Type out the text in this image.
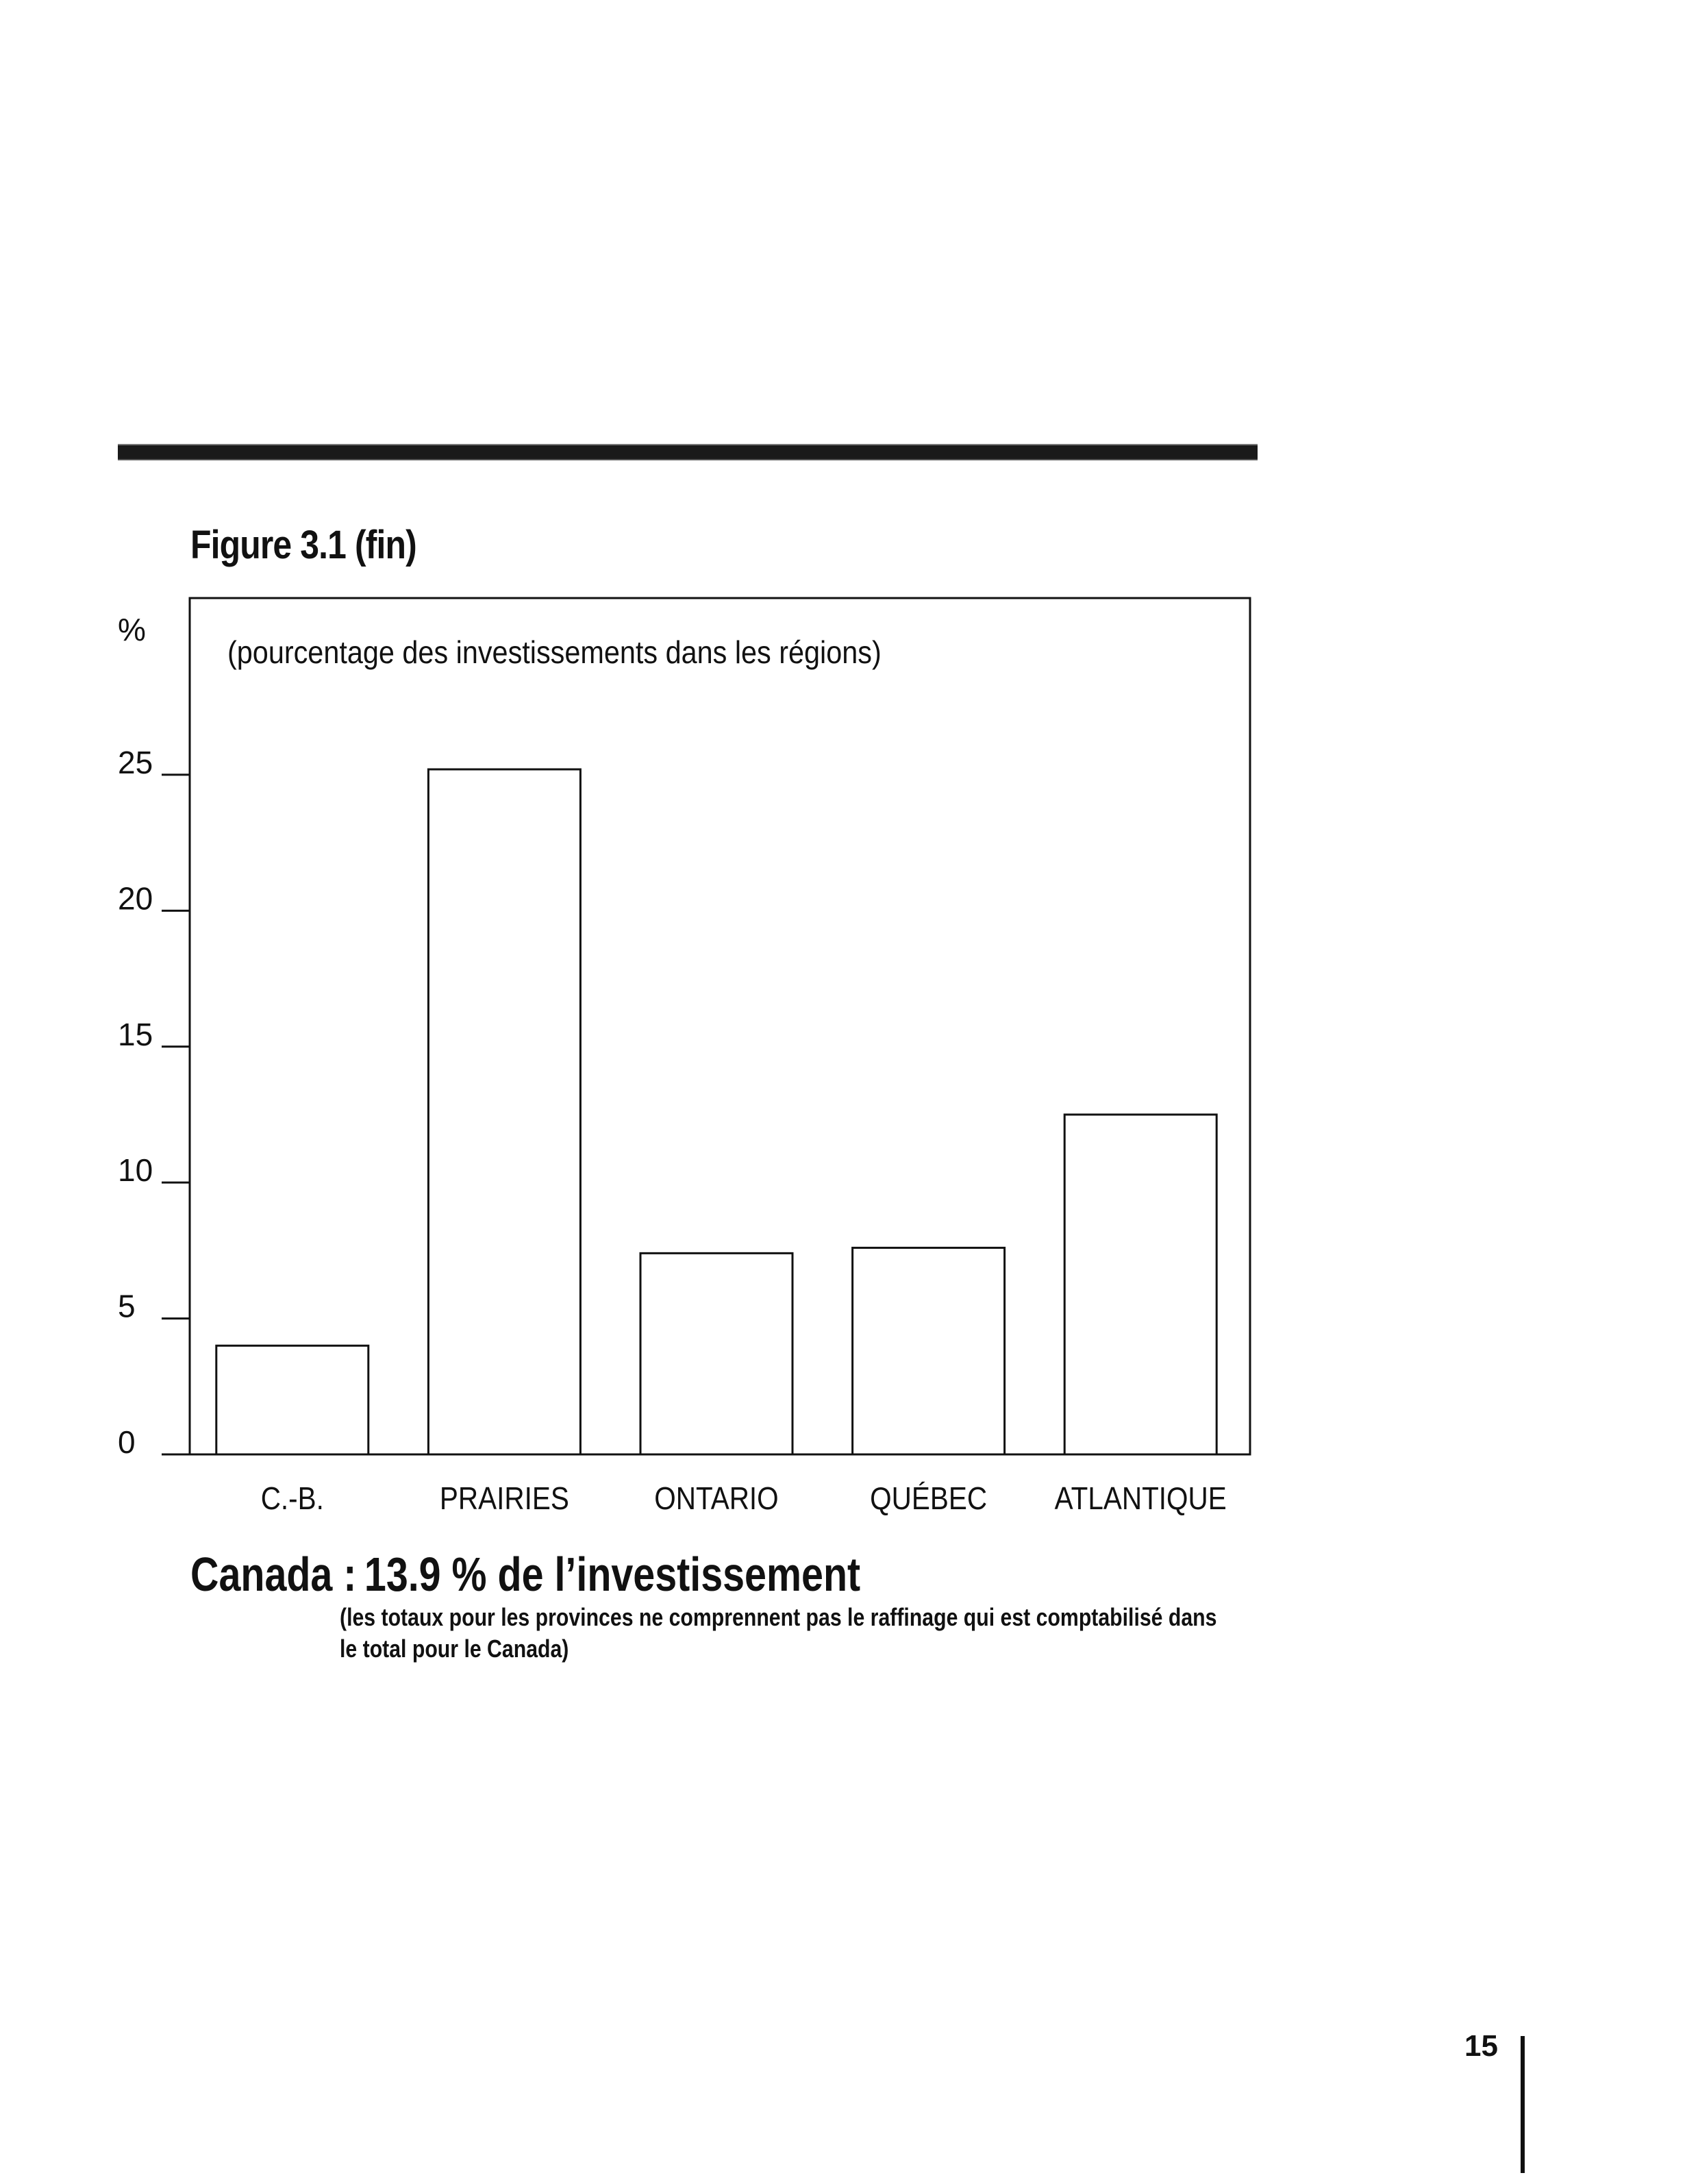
Figure 3.1 (fin)
%
(pourcentage des investissements dans les régions)
0
5
10
15
20
25
C.-B.	PRAIRIES	ONTARIO	QUÉBEC ATLANTIQUE
Canada : 13.9 % de l’investissement
(les totaux pour les provinces ne comprennent pas le raffinage qui est comptabilisé dans le total pour le Canada)
15
